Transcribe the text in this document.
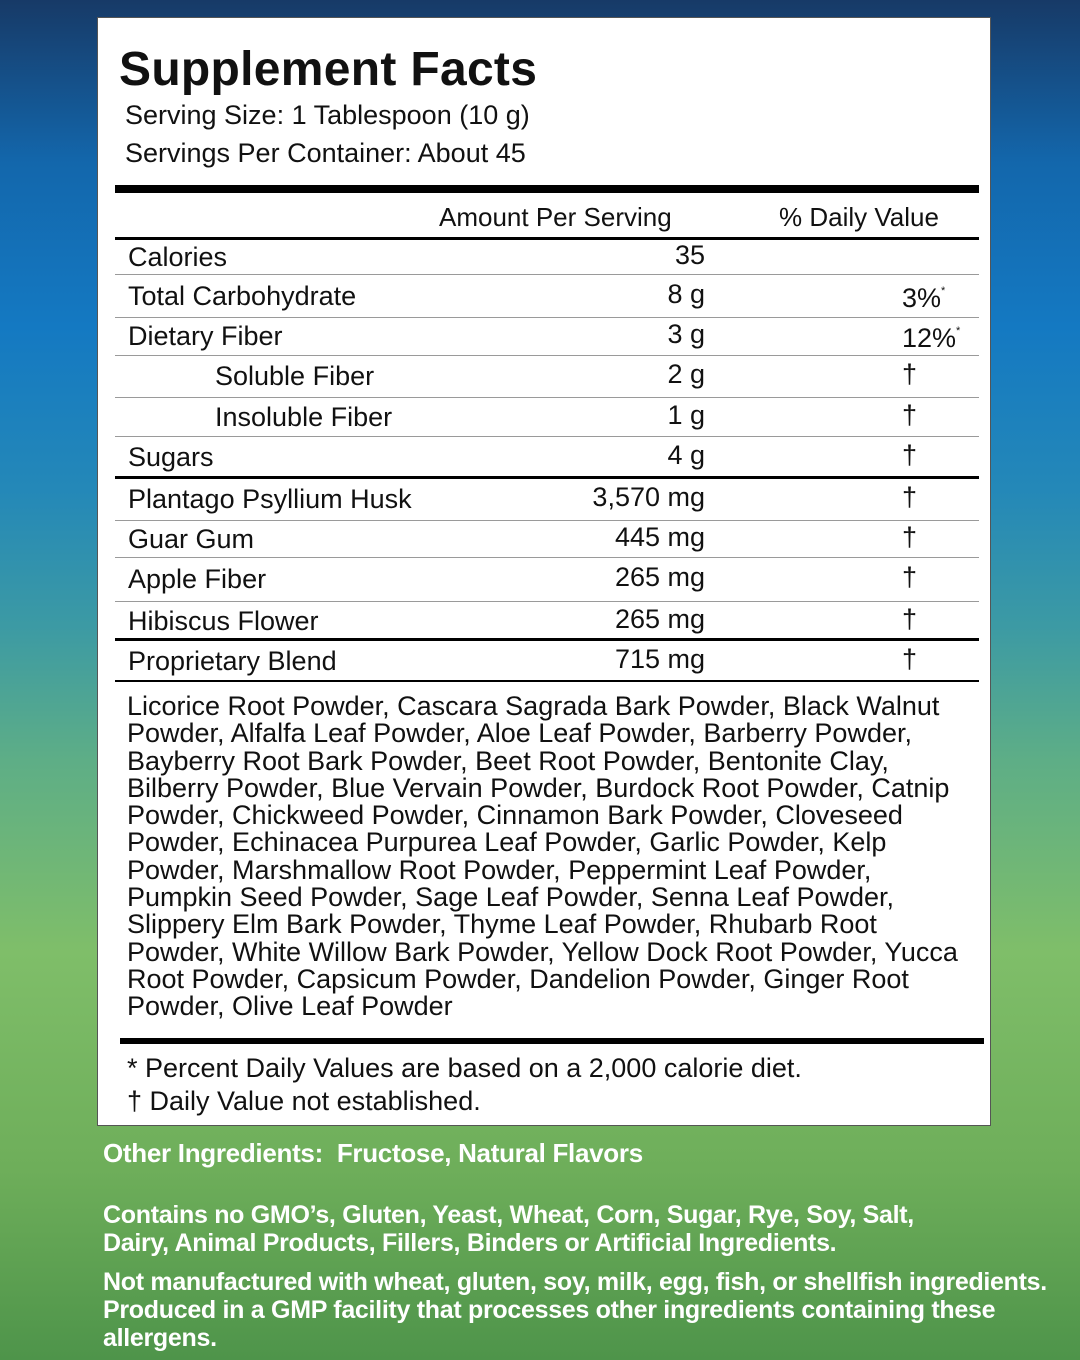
Supplement Facts
Serving Size: 1 Tablespoon (10 g)
Servings Per Container: About 45
Amount Per Serving	% Daily Value
Calories	35
Total Carbohydrate	8 g	3%*
Dietary Fiber	3 g	12%*
Soluble Fiber	2 g	†
Insoluble Fiber	1 g	†
Sugars	4 g	†
Plantago Psyllium Husk	3,570 mg	†
Guar Gum	445 mg	†
Apple Fiber	265 mg	†
Hibiscus Flower	265 mg	†
Proprietary Blend	715 mg	†
Licorice Root Powder, Cascara Sagrada Bark Powder, Black Walnut Powder, Alfalfa Leaf Powder, Aloe Leaf Powder, Barberry Powder, Bayberry Root Bark Powder, Beet Root Powder, Bentonite Clay, Bilberry Powder, Blue Vervain Powder, Burdock Root Powder, Catnip Powder, Chickweed Powder, Cinnamon Bark Powder, Cloveseed Powder, Echinacea Purpurea Leaf Powder, Garlic Powder, Kelp Powder, Marshmallow Root Powder, Peppermint Leaf Powder, Pumpkin Seed Powder, Sage Leaf Powder, Senna Leaf Powder, Slippery Elm Bark Powder, Thyme Leaf Powder, Rhubarb Root Powder, White Willow Bark Powder, Yellow Dock Root Powder, Yucca Root Powder, Capsicum Powder, Dandelion Powder, Ginger Root Powder, Olive Leaf Powder
* Percent Daily Values are based on a 2,000 calorie diet.
† Daily Value not established.
Other Ingredients: Fructose, Natural Flavors
Contains no GMO’s, Gluten, Yeast, Wheat, Corn, Sugar, Rye, Soy, Salt, Dairy, Animal Products, Fillers, Binders or Artificial Ingredients.
Not manufactured with wheat, gluten, soy, milk, egg, fish, or shellfish ingredients. Produced in a GMP facility that processes other ingredients containing these allergens.
